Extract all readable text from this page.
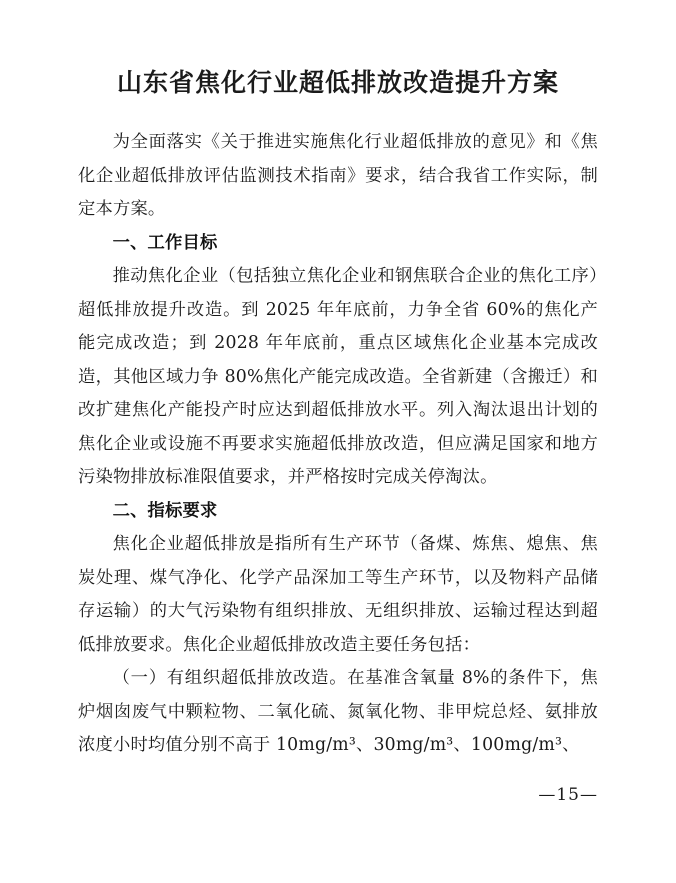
山东省焦化行业超低排放改造提升方案

为全面落实《关于推进实施焦化行业超低排放的意见》和《焦化企业超低排放评估监测技术指南》要求，结合我省工作实际，制定本方案。

一、工作目标

推动焦化企业（包括独立焦化企业和钢焦联合企业的焦化工序）超低排放提升改造。到 2025 年年底前，力争全省 60%的焦化产能完成改造；到 2028 年年底前，重点区域焦化企业基本完成改造，其他区域力争 80%焦化产能完成改造。全省新建（含搬迁）和改扩建焦化产能投产时应达到超低排放水平。列入淘汰退出计划的焦化企业或设施不再要求实施超低排放改造，但应满足国家和地方污染物排放标准限值要求，并严格按时完成关停淘汰。

二、指标要求

焦化企业超低排放是指所有生产环节（备煤、炼焦、熄焦、焦炭处理、煤气净化、化学产品深加工等生产环节，以及物料产品储存运输）的大气污染物有组织排放、无组织排放、运输过程达到超低排放要求。焦化企业超低排放改造主要任务包括：

（一）有组织超低排放改造。在基准含氧量 8%的条件下，焦炉烟囱废气中颗粒物、二氧化硫、氮氧化物、非甲烷总烃、氨排放浓度小时均值分别不高于 10mg/m³、30mg/m³、100mg/m³、

—15—
